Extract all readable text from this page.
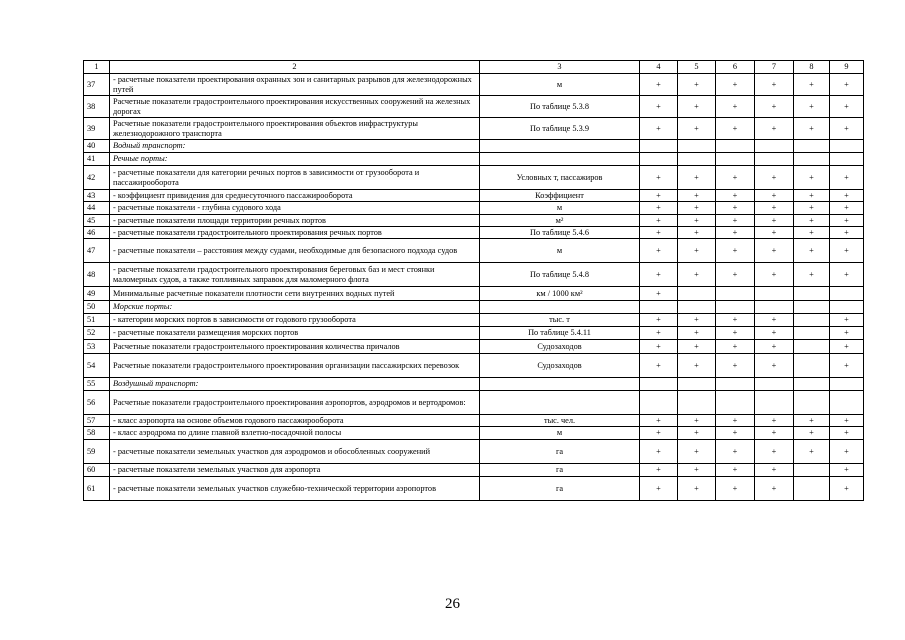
1	2	3	4	5	6	7	8	9
37	- расчетные показатели проектирования охранных зон и санитарных разрывов для железнодорожных путей	м	+	+	+	+	+	+
38	Расчетные показатели градостроительного проектирования искусственных сооружений на железных дорогах	По таблице 5.3.8	+	+	+	+	+	+
39	Расчетные показатели градостроительного проектирования объектов инфраструктуры железнодорожного транспорта	По таблице 5.3.9	+	+	+	+	+	+
40	Водный транспорт:							
41	Речные порты:							
42	- расчетные показатели для категории речных портов в зависимости от грузооборота и пассажирооборота	Условных т, пассажиров	+	+	+	+	+	+
43	- коэффициент привидения для среднесуточного пассажирооборота	Коэффициент	+	+	+	+	+	+
44	- расчетные показатели - глубина судового хода	м	+	+	+	+	+	+
45	- расчетные показатели площади территории речных портов	м²	+	+	+	+	+	+
46	- расчетные показатели градостроительного проектирования речных портов	По таблице 5.4.6	+	+	+	+	+	+
47	- расчетные показатели – расстояния между судами, необходимые для безопасного подхода судов	м	+	+	+	+	+	+
48	- расчетные показатели градостроительного проектирования береговых баз и мест стоянки маломерных судов, а также топливных заправок для маломерного флота	По таблице 5.4.8	+	+	+	+	+	+
49	Минимальные расчетные показатели плотности сети внутренних водных путей	км / 1000 км²	+					
50	Морские порты:							
51	- категории морских портов в зависимости от годового грузооборота	тыс. т	+	+	+	+		+
52	- расчетные показатели размещения морских портов	По таблице 5.4.11	+	+	+	+		+
53	Расчетные показатели градостроительного проектирования количества причалов	Судозаходов	+	+	+	+		+
54	Расчетные показатели градостроительного проектирования организации пассажирских перевозок	Судозаходов	+	+	+	+		+
55	Воздушный транспорт:							
56	Расчетные показатели градостроительного проектирования аэропортов, аэродромов и вертодромов:							
57	- класс аэропорта на основе объемов годового пассажирооборота	тыс. чел.	+	+	+	+	+	+
58	- класс аэродрома по длине главной взлетно-посадочной полосы	м	+	+	+	+	+	+
59	- расчетные показатели земельных участков для аэродромов и обособленных сооружений	га	+	+	+	+	+	+
60	- расчетные показатели земельных участков для аэропорта	га	+	+	+	+		+
61	- расчетные показатели земельных участков служебно-технической территории аэропортов	га	+	+	+	+		+
26
